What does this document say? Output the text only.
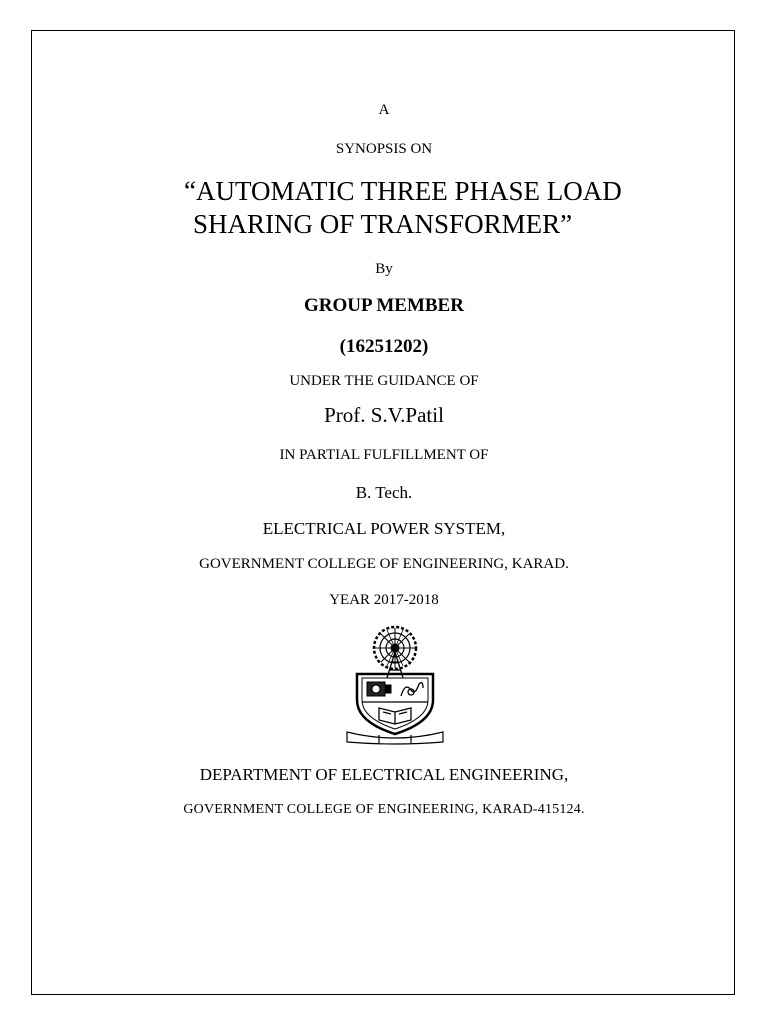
A
SYNOPSIS ON
“AUTOMATIC THREE PHASE LOAD
SHARING OF TRANSFORMER”
By
GROUP MEMBER
(16251202)
UNDER THE GUIDANCE OF
Prof. S.V.Patil
IN PARTIAL FULFILLMENT OF
B. Tech.
ELECTRICAL POWER SYSTEM,
GOVERNMENT COLLEGE OF ENGINEERING, KARAD.
YEAR 2017-2018
DEPARTMENT OF ELECTRICAL ENGINEERING,
GOVERNMENT COLLEGE OF ENGINEERING, KARAD-415124.
